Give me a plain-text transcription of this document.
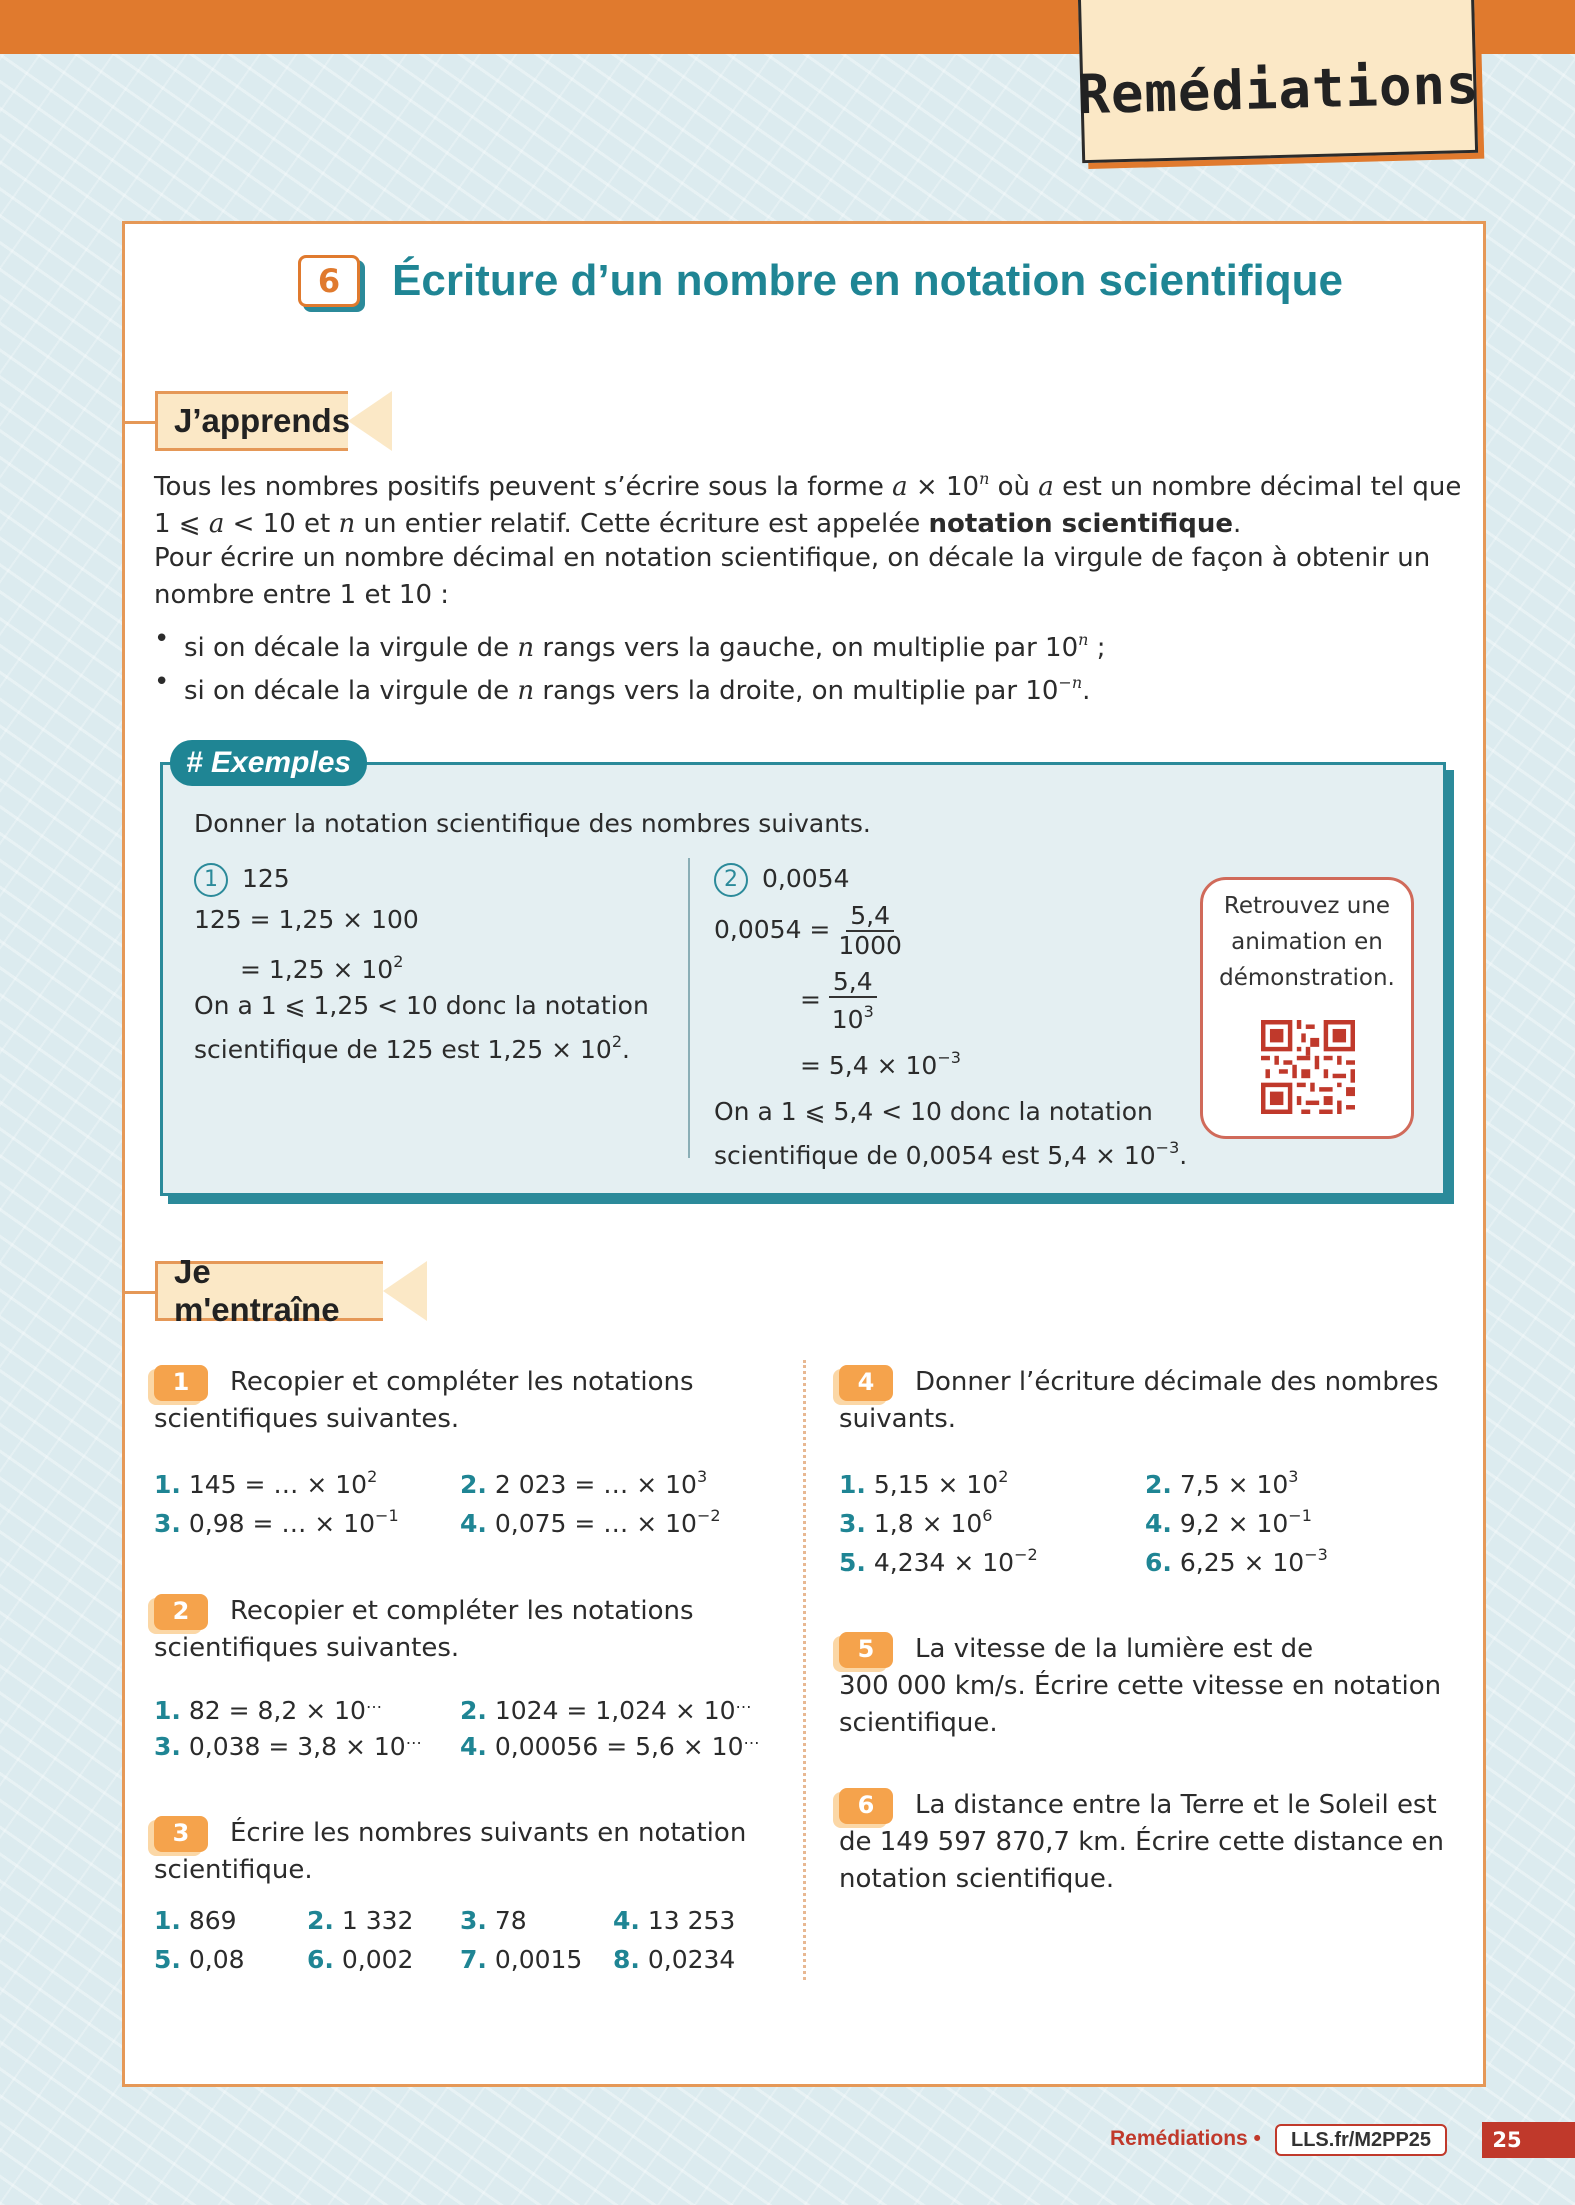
Remédiations
6	Écriture d’un nombre en notation scientifique
J’apprends
Tous les nombres positifs peuvent s’écrire sous la forme $a \times 10^n$ où a est un nombre décimal tel que
1 ⩽ a < 10 et n un entier relatif. Cette écriture est appelée notation scientifique.
Pour écrire un nombre décimal en notation scientifique, on décale la virgule de façon à obtenir un
nombre entre 1 et 10 :
• si on décale la virgule de n rangs vers la gauche, on multiplie par 10$^n$ ;
• si on décale la virgule de n rangs vers la droite, on multiplie par $10^{-n}$.
# Exemples
Donner la notation scientifique des nombres suivants.
1 125
125 = 1,25 × 100
= $1,25 \times 10^2$
On a 1 ⩽ 1,25 < 10 donc la notation
scientifique de 125 est $1,25 \times 10^2$.
2 0,0054
$0,0054 = \frac{5,4}{1000}$
= $\frac{5,4}{10^3}$
= $5,4 \times 10^{-3}$
On a 1 ⩽ 5,4 < 10 donc la notation
scientifique de 0,0054 est $5,4 \times 10^{-3}$.
Retrouvez une
animation en
démonstration.
Je m'entraîne
1 Recopier et compléter les notations
scientifiques suivantes.
1. 145 = … × $10^2$	2. 2 023 = … × $10^3$
3. 0,98 = … × $10^{-1}$ 4. 0,075 = … × $10^{-2}$
2 Recopier et compléter les notations
scientifiques suivantes.
1. 82 = 8,2 × 10…	2. 1024 = 1,024 × 10…
3. 0,038 = 3,8 × 10… 4. 0,00056 = 5,6 × 10…
3 Écrire les nombres suivants en notation
scientifique.
1. 869	2. 1 332 3. 78	4. 13 253
5. 0,08 6. 0,002 7. 0,0015 8. 0,0234
4 Donner l’écriture décimale des nombres
suivants.
1. $5,15 \times 10^2$	2. $7,5 \times 10^3$
3. $1,8 \times 10^6$	4. $9,2 \times 10^{-1}$
5. $4,234 \times 10^{-2}$	6. $6,25 \times 10^{-3}$
5 La vitesse de la lumière est de
300 000 km/s. Écrire cette vitesse en notation
scientifique.
6 La distance entre la Terre et le Soleil est
de 149 597 870,7 km. Écrire cette distance en
notation scientifique.
Remédiations •	LLS.fr/M2PP25	25
